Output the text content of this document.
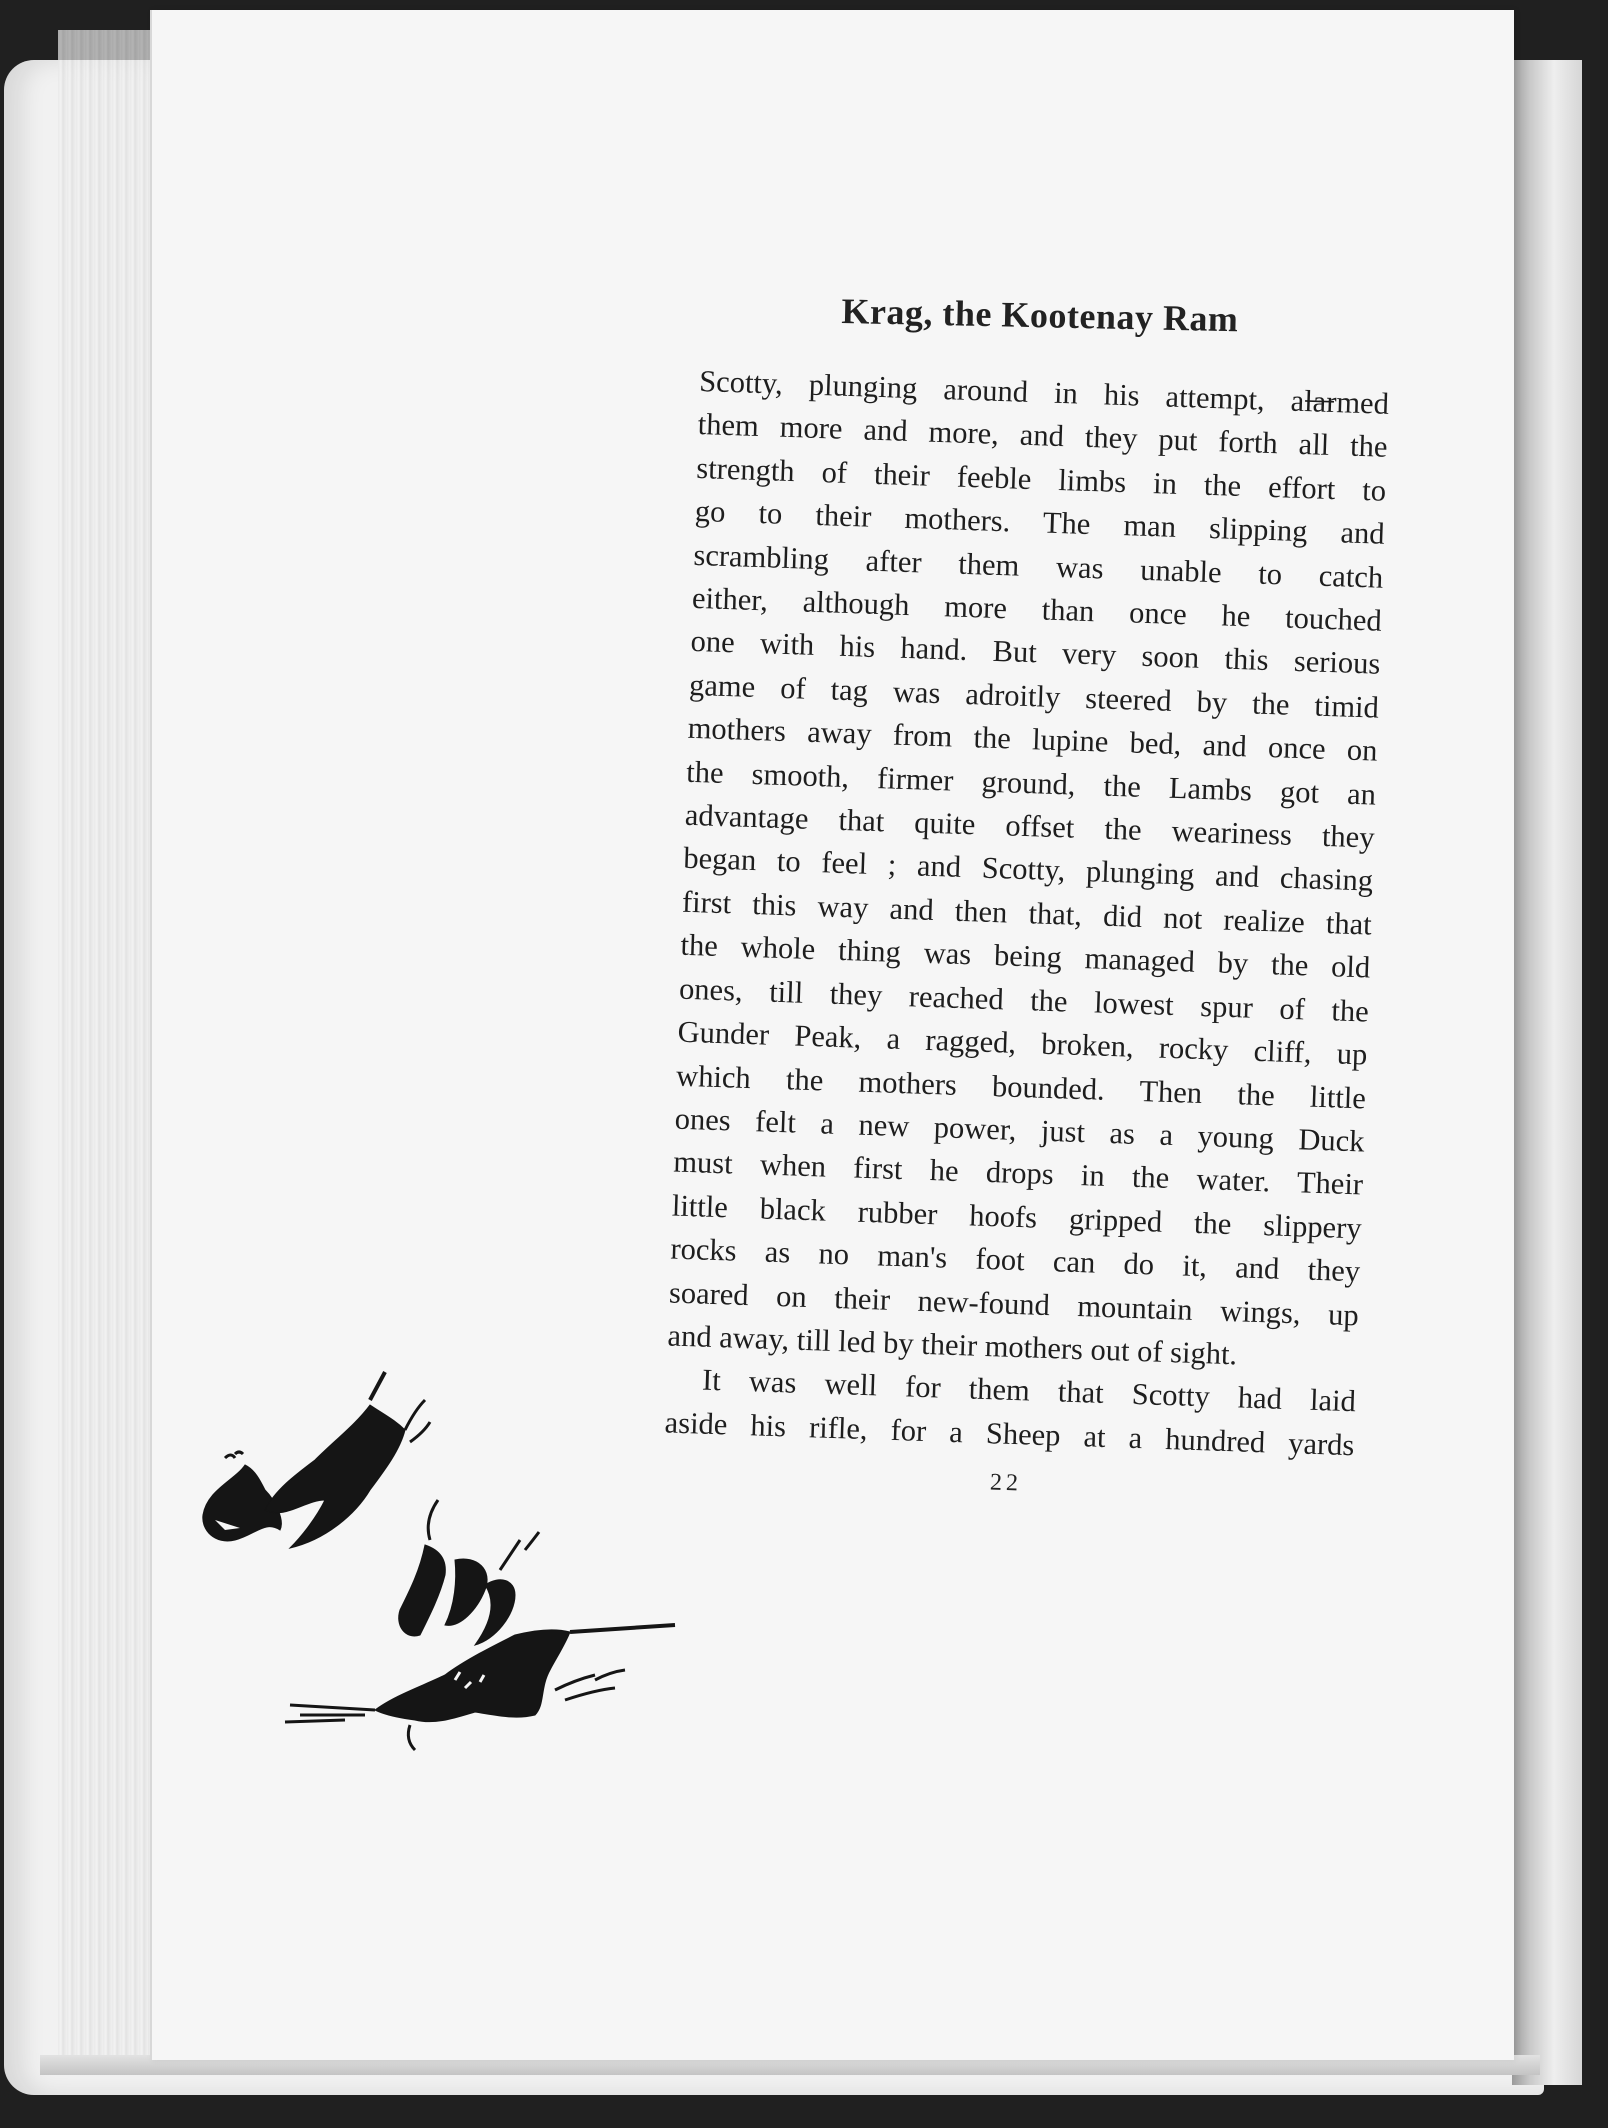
Krag, the Kootenay Ram
Scotty, plunging around in his attempt, al̶a̶rmed
them more and more, and they put forth all the
strength of their feeble limbs in the effort to
go to their mothers. The man slipping and
scrambling after them was unable to catch
either, although more than once he touched
one with his hand. But very soon this serious
game of tag was adroitly steered by the timid
mothers away from the lupine bed, and once on
the smooth, firmer ground, the Lambs got an
advantage that quite offset the weariness they
began to feel ; and Scotty, plunging and chasing
first this way and then that, did not realize that
the whole thing was being managed by the old
ones, till they reached the lowest spur of the
Gunder Peak, a ragged, broken, rocky cliff, up
which the mothers bounded. Then the little
ones felt a new power, just as a young Duck
must when first he drops in the water. Their
little black rubber hoofs gripped the slippery
rocks as no man's foot can do it, and they
soared on their new-found mountain wings, up
and away, till led by their mothers out of sight.
It was well for them that Scotty had laid
aside his rifle, for a Sheep at a hundred yards
22
